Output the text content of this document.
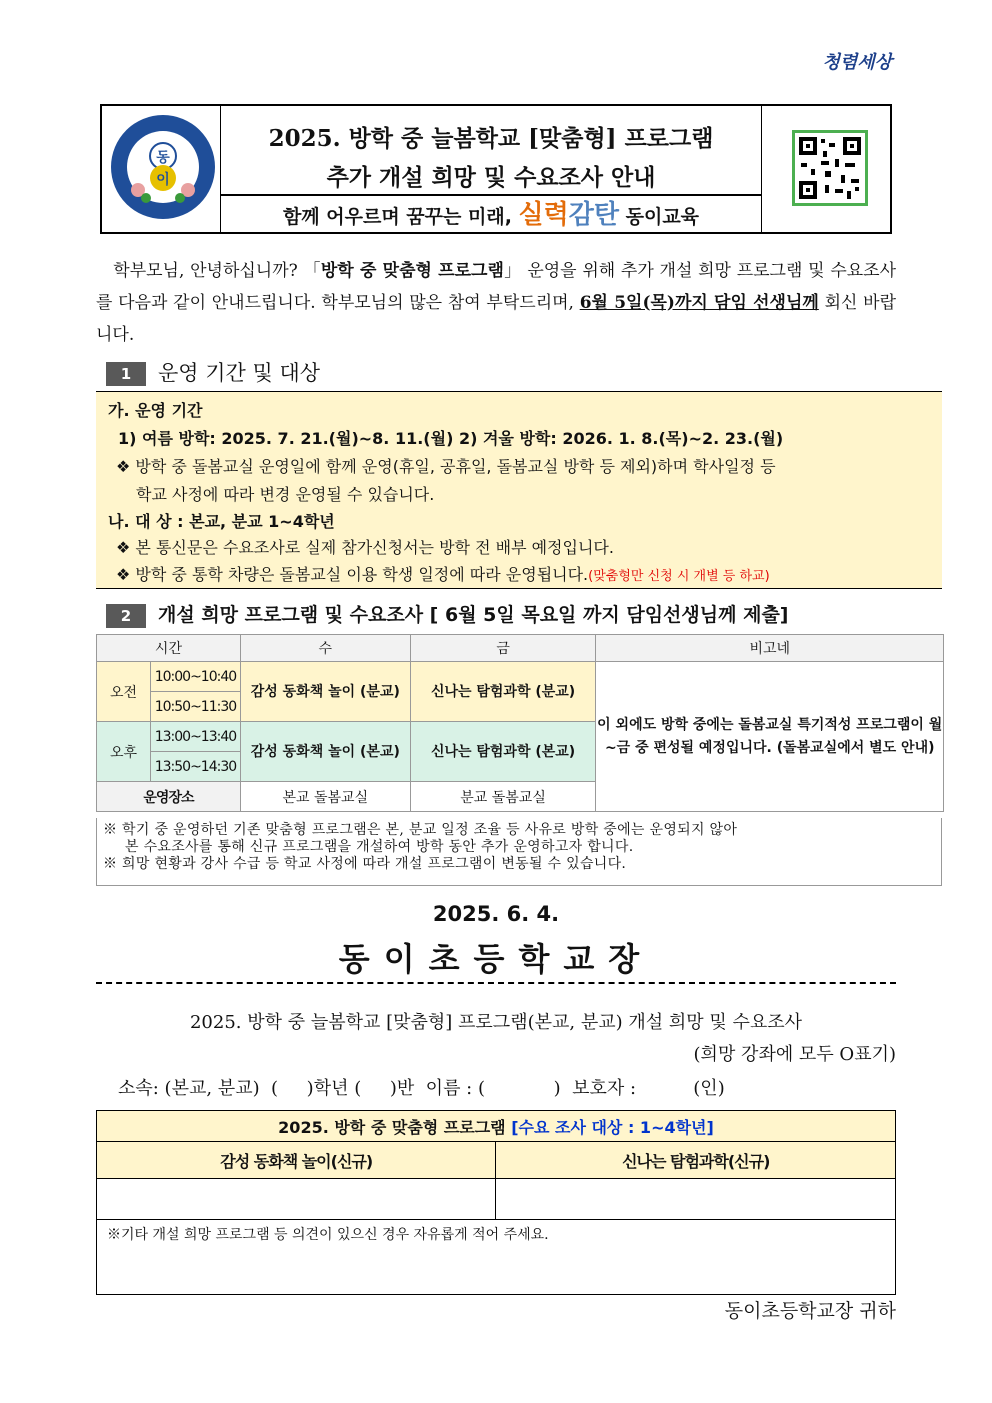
청렴세상
동
이
2025. 방학 중 늘봄학교 [맞춤형] 프로그램
추가 개설 희망 및 수요조사 안내
함께 어우르며 꿈꾸는 미래, 실력감탄 동이교육
학부모님, 안녕하십니까? 「방학 중 맞춤형 프로그램」 운영을 위해 추가 개설 희망 프로그램 및 수요조사를 다음과 같이 안내드립니다. 학부모님의 많은 참여 부탁드리며, 6월 5일(목)까지 담임 선생님께 회신 바랍니다.
1 운영 기간 및 대상
가. 운영 기간
1) 여름 방학: 2025. 7. 21.(월)~8. 11.(월) 2) 겨울 방학: 2026. 1. 8.(목)~2. 23.(월)
❖ 방학 중 돌봄교실 운영일에 함께 운영(휴일, 공휴일, 돌봄교실 방학 등 제외)하며 학사일정 등
학교 사정에 따라 변경 운영될 수 있습니다.
나. 대 상 : 본교, 분교 1~4학년
❖ 본 통신문은 수요조사로 실제 참가신청서는 방학 전 배부 예정입니다.
❖ 방학 중 통학 차량은 돌봄교실 이용 학생 일정에 따라 운영됩니다.(맞춤형만 신청 시 개별 등 하교)
2 개설 희망 프로그램 및 수요조사 [ 6월 5일 목요일 까지 담임선생님께 제출]
시간		수	금	비고네
오전	10:00~10:40	감성 동화책 놀이 (분교)	신나는 탐험과학 (분교)	이 외에도 방학 중에는 돌봄교실 특기적성 프로그램이 월~금 중 편성될 예정입니다. (돌봄교실에서 별도 안내)
	10:50~11:30			
오후	13:00~13:40	감성 동화책 놀이 (본교)	신나는 탐험과학 (본교)	
	13:50~14:30			
운영장소		본교 돌봄교실	분교 돌봄교실	
※ 학기 중 운영하던 기존 맞춤형 프로그램은 본, 분교 일정 조율 등 사유로 방학 중에는 운영되지 않아
본 수요조사를 통해 신규 프로그램을 개설하여 방학 동안 추가 운영하고자 합니다.
※ 희망 현황과 강사 수급 등 학교 사정에 따라 개설 프로그램이 변동될 수 있습니다.
2025. 6. 4.
동이초등학교장
2025. 방학 중 늘봄학교 [맞춤형] 프로그램(본교, 분교) 개설 희망 및 수요조사
(희망 강좌에 모두 O표기)
소속: (본교, 분교)  (     )학년 (     )반  이름 : (            )  보호자 :          (인)
2025. 방학 중 맞춤형 프로그램 [수요 조사 대상 : 1~4학년]	
감성 동화책 놀이(신규)	신나는 탐험과학(신규)

※기타 개설 희망 프로그램 등 의견이 있으신 경우 자유롭게 적어 주세요.	
동이초등학교장 귀하
